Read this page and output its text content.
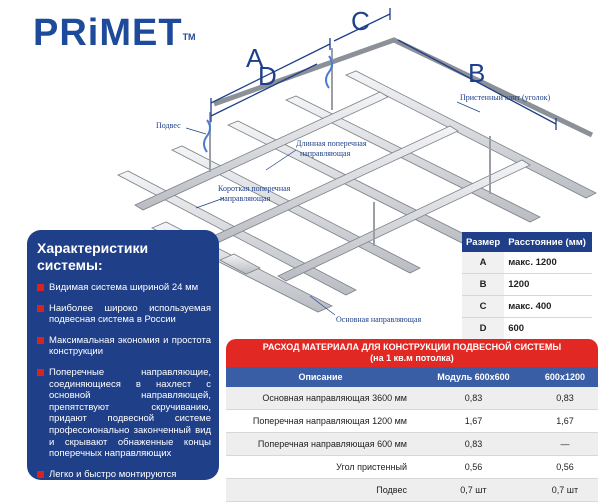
PRiMET™
A
D
C
B
Пристенный кант (уголок)
Подвес
Длинная поперечная
направляющая
Короткая поперечная
направляющая
Основная направляющая
Характеристики системы:
Видимая система шириной 24 мм
Наиболее широко используемая подвесная система в России
Максимальная экономия и простота конструкции
Поперечные направляющие, соединяющиеся в нахлест с основной направляющей, препятствуют скручиванию, придают подвесной системе профессионально законченный вид и скрывают обнаженные концы поперечных направляющих
Легко и быстро монтируются
Размер	Расстояние (мм)
A	макс. 1200
B	1200
C	макс. 400
D	600
РАСХОД МАТЕРИАЛА ДЛЯ КОНСТРУКЦИИ ПОДВЕСНОЙ СИСТЕМЫ
(на 1 кв.м потолка)
Описание	Модуль 600х600	600х1200
Основная направляющая 3600 мм	0,83	0,83
Поперечная направляющая 1200 мм	1,67	1,67
Поперечная направляющая 600 мм	0,83	—
Угол пристенный	0,56	0,56
Подвес	0,7 шт	0,7 шт
